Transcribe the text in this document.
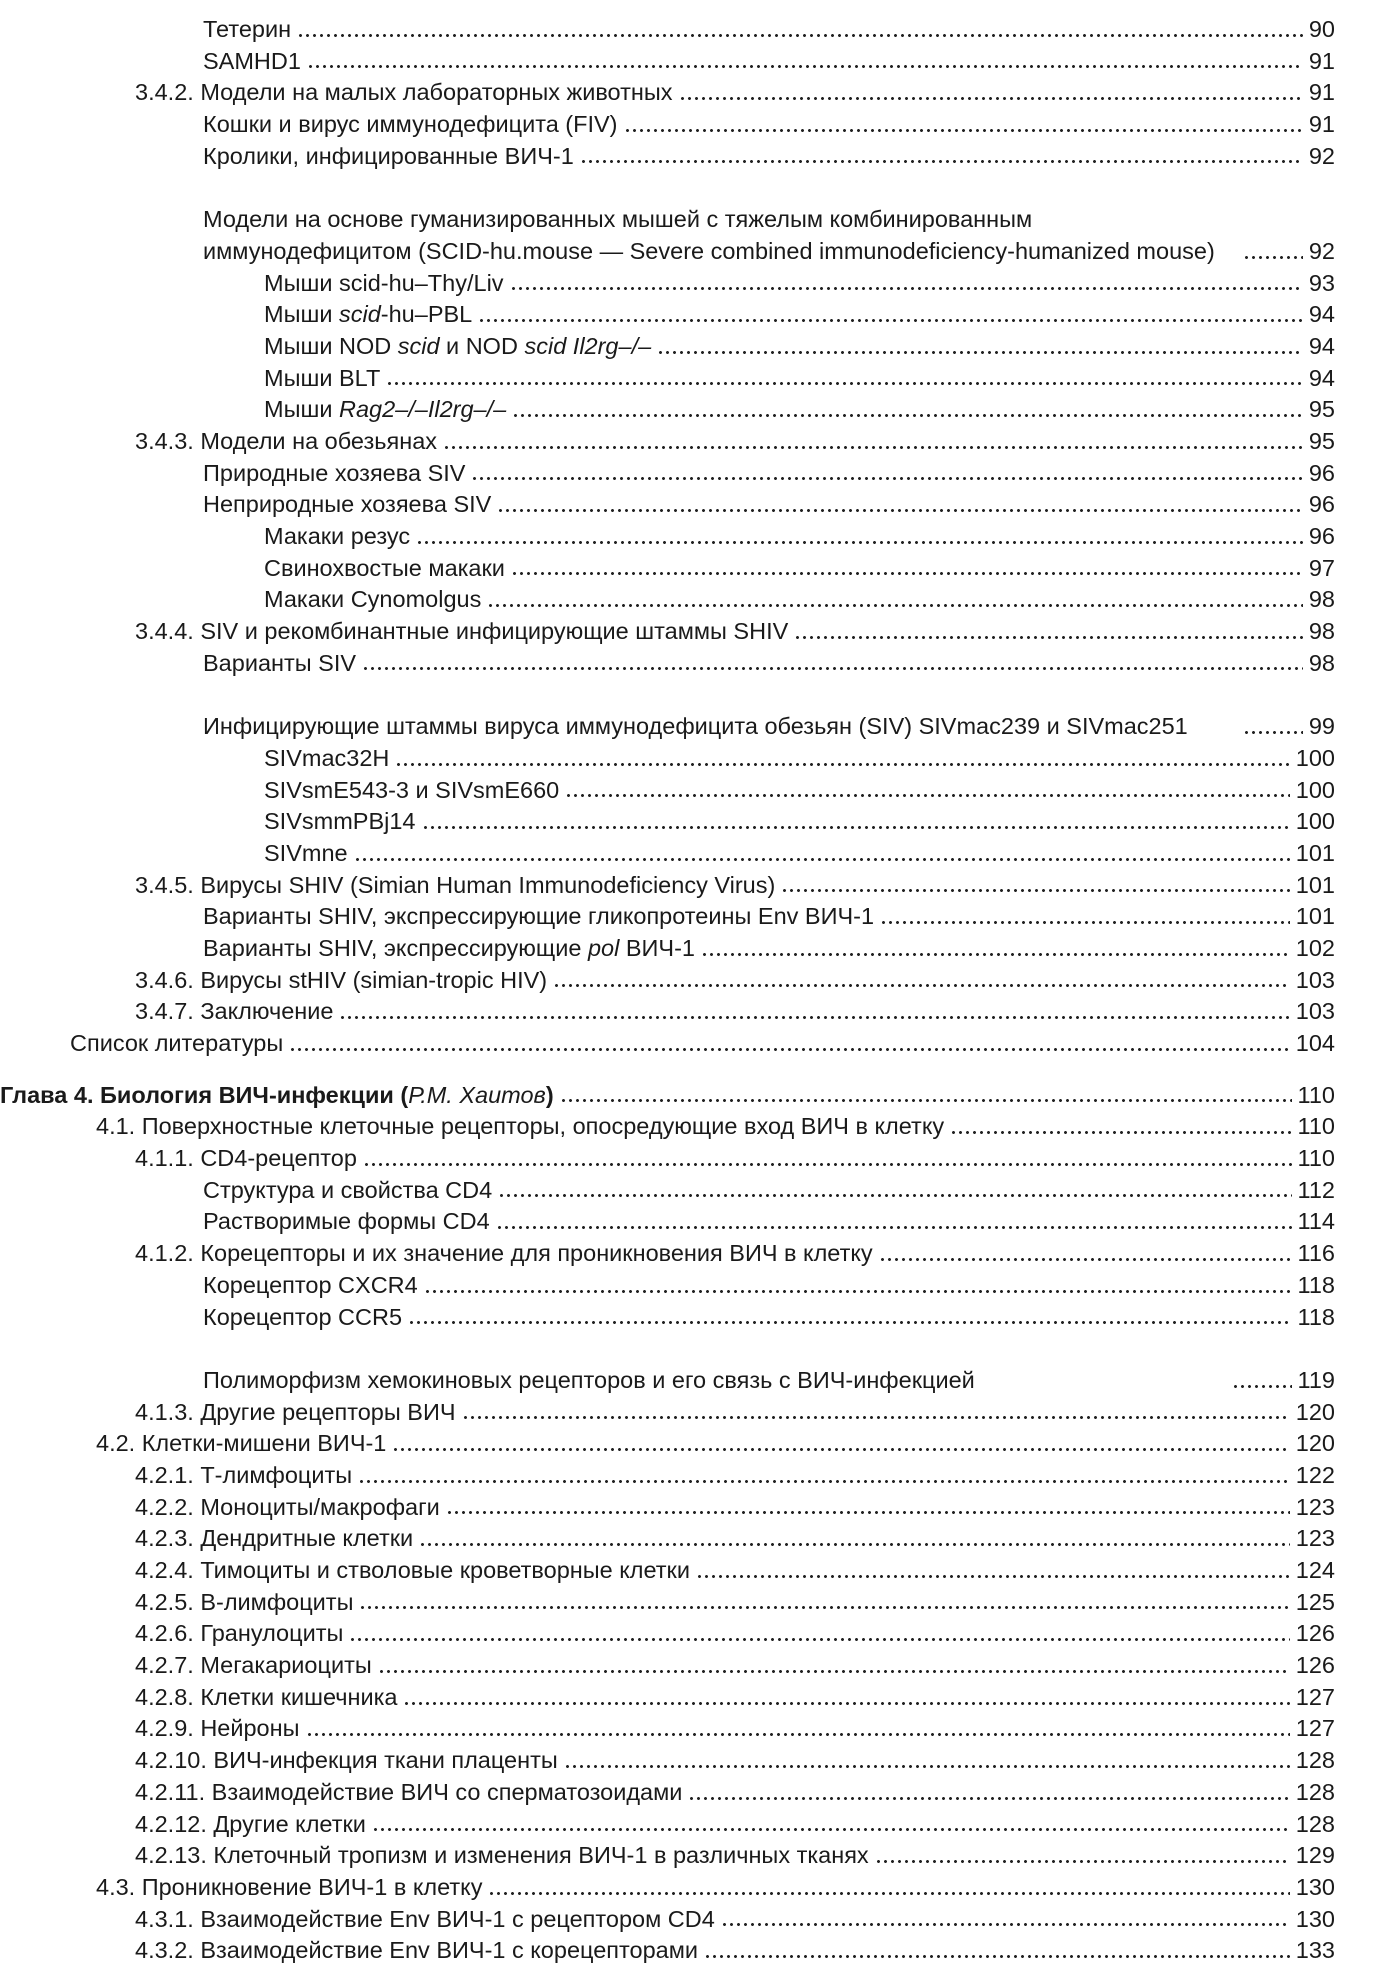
Тетерин	90
SAMHD1	91
3.4.2. Модели на малых лабораторных животных	91
Кошки и вирус иммунодефицита (FIV)	91
Кролики, инфицированные ВИЧ-1	92
Модели на основе гуманизированных мышей с тяжелым комбинированным иммунодефицитом (SCID-hu.mouse — Severe combined immunodeficiency-humanized mouse)	92
Мыши scid-hu–Thy/Liv	93
Мыши scid-hu–PBL	94
Мыши NOD scid и NOD scid Il2rg–/–	94
Мыши BLT	94
Мыши Rag2–/–Il2rg–/–	95
3.4.3. Модели на обезьянах	95
Природные хозяева SIV	96
Неприродные хозяева SIV	96
Макаки резус	96
Свинохвостые макаки	97
Макаки Cynomolgus	98
3.4.4. SIV и рекомбинантные инфицирующие штаммы SHIV	98
Варианты SIV	98
Инфицирующие штаммы вируса иммунодефицита обезьян (SIV) SIVmac239 и SIVmac251	99
SIVmac32H	100
SIVsmE543-3 и SIVsmE660	100
SIVsmmPBj14	100
SIVmne	101
3.4.5. Вирусы SHIV (Simian Human Immunodeficiency Virus)	101
Варианты SHIV, экспрессирующие гликопротеины Env ВИЧ-1	101
Варианты SHIV, экспрессирующие pol ВИЧ-1	102
3.4.6. Вирусы stHIV (simian-tropic HIV)	103
3.4.7. Заключение	103
Список литературы	104
Глава 4. Биология ВИЧ-инфекции (Р.М. Хаитов)	110
4.1. Поверхностные клеточные рецепторы, опосредующие вход ВИЧ в клетку	110
4.1.1. CD4-рецептор	110
Структура и свойства CD4	112
Растворимые формы CD4	114
4.1.2. Корецепторы и их значение для проникновения ВИЧ в клетку	116
Корецептор CXCR4	118
Корецептор CCR5	118
Полиморфизм хемокиновых рецепторов и его связь с ВИЧ-инфекцией	119
4.1.3. Другие рецепторы ВИЧ	120
4.2. Клетки-мишени ВИЧ-1	120
4.2.1. Т-лимфоциты	122
4.2.2. Моноциты/макрофаги	123
4.2.3. Дендритные клетки	123
4.2.4. Тимоциты и стволовые кроветворные клетки	124
4.2.5. В-лимфоциты	125
4.2.6. Гранулоциты	126
4.2.7. Мегакариоциты	126
4.2.8. Клетки кишечника	127
4.2.9. Нейроны	127
4.2.10. ВИЧ-инфекция ткани плаценты	128
4.2.11. Взаимодействие ВИЧ со сперматозоидами	128
4.2.12. Другие клетки	128
4.2.13. Клеточный тропизм и изменения ВИЧ-1 в различных тканях	129
4.3. Проникновение ВИЧ-1 в клетку	130
4.3.1. Взаимодействие Env ВИЧ-1 с рецептором CD4	130
4.3.2. Взаимодействие Env ВИЧ-1 с корецепторами	133
